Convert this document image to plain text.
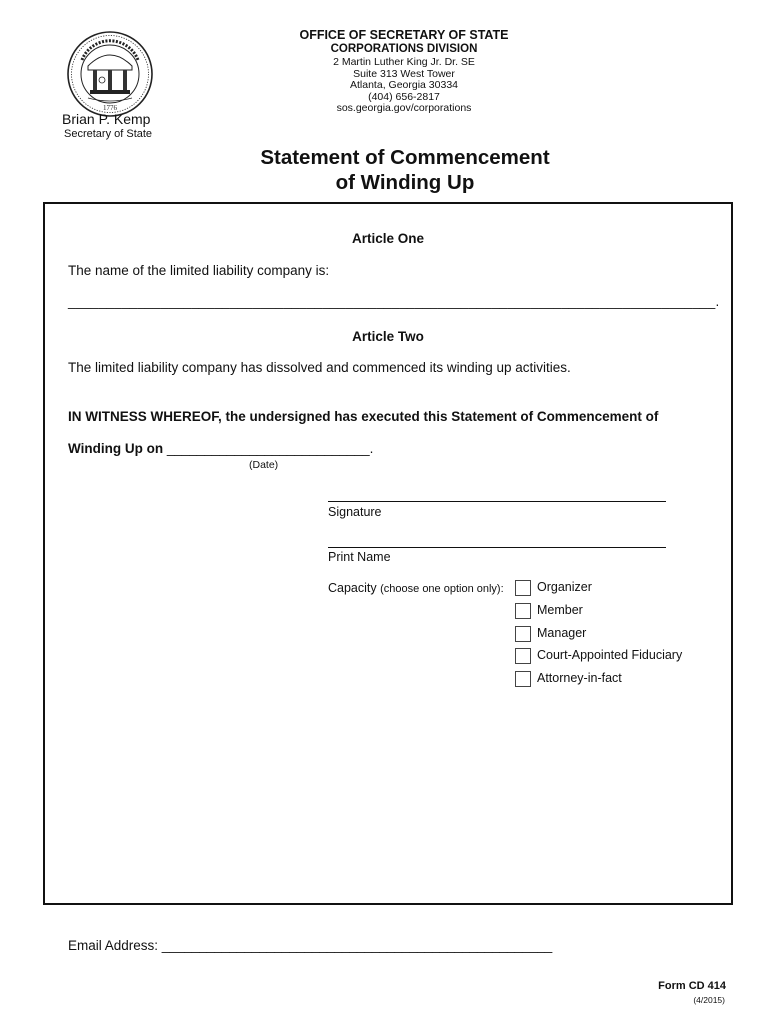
1776
OFFICE OF SECRETARY OF STATE
CORPORATIONS DIVISION
2 Martin Luther King Jr. Dr. SE
Suite 313 West Tower
Atlanta, Georgia 30334
(404) 656-2817
sos.georgia.gov/corporations
Brian P. Kemp
Secretary of State
Statement of Commencement
of Winding Up
Article One
The name of the limited liability company is:
____________________________________________________________________________________.
Article Two
The limited liability company has dissolved and commenced its winding up activities.
IN WITNESS WHEREOF, the undersigned has executed this Statement of Commencement of
Winding Up on ___________________________.
(Date)
Signature
Print Name
Capacity (choose one option only):	Organizer
Member
Manager
Court-Appointed Fiduciary
Attorney-in-fact
Email Address: ____________________________________________________
Form CD 414
(4/2015)
